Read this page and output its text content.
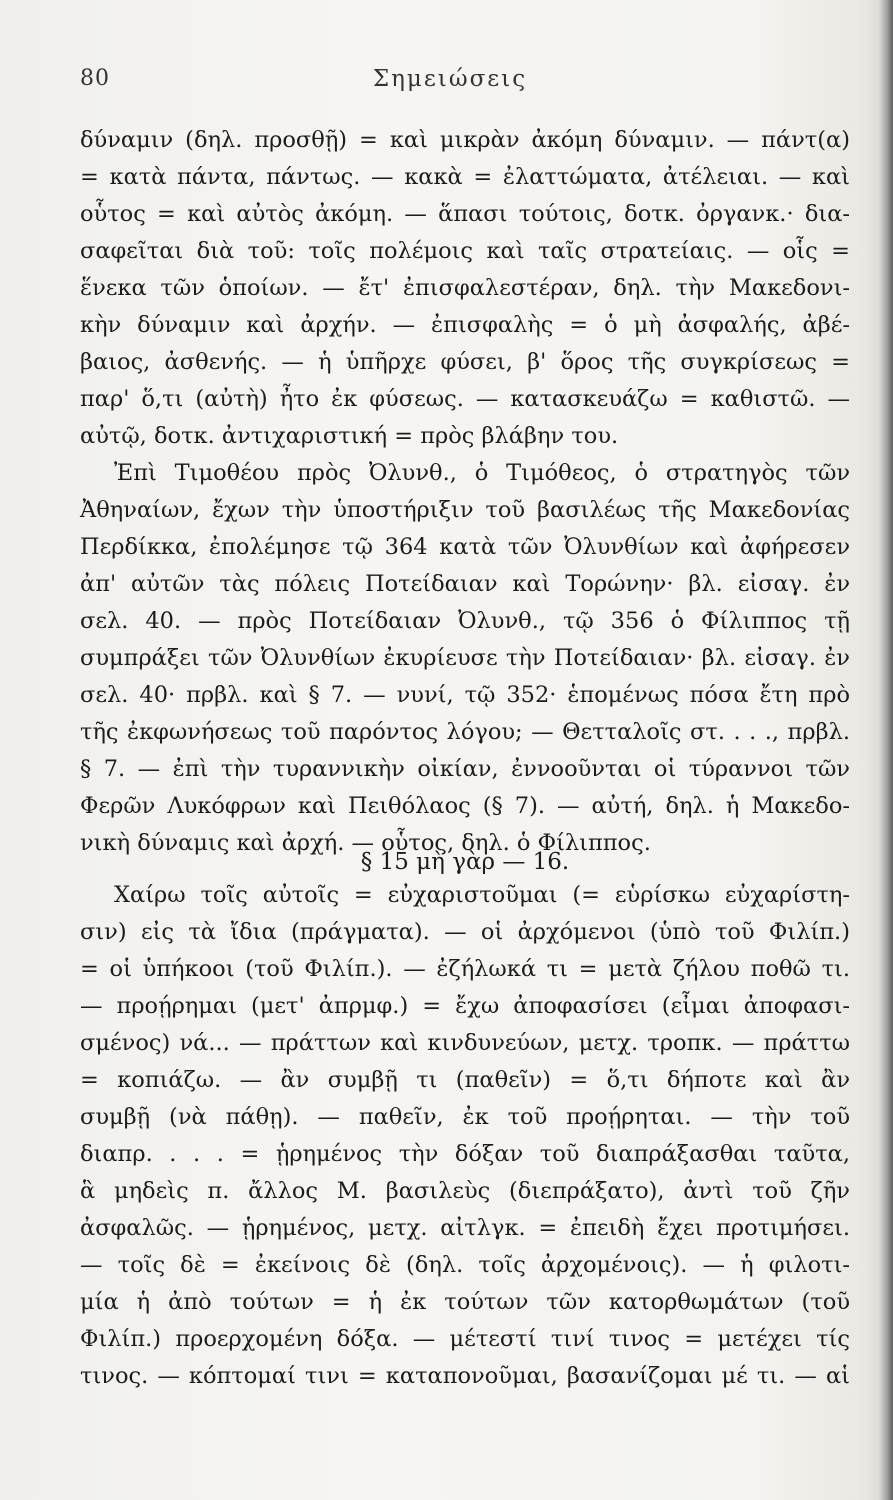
80	Σημειώσεις
δύναμιν (δηλ. προσθῇ) = καὶ μικρὰν ἀκόμη δύναμιν. — πάντ(α)
= κατὰ πάντα, πάντως. — κακὰ = ἐλαττώματα, ἀτέλειαι. — καὶ
οὗτος = καὶ αὐτὸς ἀκόμη. — ἅπασι τούτοις, δοτκ. ὀργανκ.· δια-
σαφεῖται διὰ τοῦ: τοῖς πολέμοις καὶ ταῖς στρατείαις. — οἷς =
ἕνεκα τῶν ὁποίων. — ἔτ' ἐπισφαλεστέραν, δηλ. τὴν Μακεδονι-
κὴν δύναμιν καὶ ἀρχήν. — ἐπισφαλὴς = ὁ μὴ ἀσφαλής, ἀβέ-
βαιος, ἀσθενής. — ἡ ὑπῆρχε φύσει, β' ὅρος τῆς συγκρίσεως =
παρ' ὅ,τι (αὐτὴ) ἦτο ἐκ φύσεως. — κατασκευάζω = καθιστῶ. —
αὐτῷ, δοτκ. ἀντιχαριστική = πρὸς βλάβην του.
Ἐπὶ Τιμοθέου πρὸς Ὀλυνθ., ὁ Τιμόθεος, ὁ στρατηγὸς τῶν
Ἀθηναίων, ἔχων τὴν ὑποστήριξιν τοῦ βασιλέως τῆς Μακεδονίας
Περδίκκα, ἐπολέμησε τῷ 364 κατὰ τῶν Ὀλυνθίων καὶ ἀφήρεσεν
ἀπ' αὐτῶν τὰς πόλεις Ποτείδαιαν καὶ Τορώνην· βλ. εἰσαγ. ἐν
σελ. 40. — πρὸς Ποτείδαιαν Ὀλυνθ., τῷ 356 ὁ Φίλιππος τῇ
συμπράξει τῶν Ὀλυνθίων ἐκυρίευσε τὴν Ποτείδαιαν· βλ. εἰσαγ. ἐν
σελ. 40· πρβλ. καὶ § 7. — νυνί, τῷ 352· ἑπομένως πόσα ἔτη πρὸ
τῆς ἐκφωνήσεως τοῦ παρόντος λόγου; — Θετταλοῖς στ. . . ., πρβλ.
§ 7. — ἐπὶ τὴν τυραννικὴν οἰκίαν, ἐννοοῦνται οἱ τύραννοι τῶν
Φερῶν Λυκόφρων καὶ Πειθόλαος (§ 7). — αὐτή, δηλ. ἡ Μακεδο-
νικὴ δύναμις καὶ ἀρχή. — οὗτος, δηλ. ὁ Φίλιππος.
§ 15 μὴ γὰρ — 16.
Χαίρω τοῖς αὐτοῖς = εὐχαριστοῦμαι (= εὑρίσκω εὐχαρίστη-
σιν) εἰς τὰ ἴδια (πράγματα). — οἱ ἀρχόμενοι (ὑπὸ τοῦ Φιλίπ.)
= οἱ ὑπήκοοι (τοῦ Φιλίπ.). — ἐζήλωκά τι = μετὰ ζήλου ποθῶ τι.
— προῄρημαι (μετ' ἀπρμφ.) = ἔχω ἀποφασίσει (εἶμαι ἀποφασι-
σμένος) νά... — πράττων καὶ κινδυνεύων, μετχ. τροπκ. — πράττω
= κοπιάζω. — ἂν συμβῇ τι (παθεῖν) = ὅ,τι δήποτε καὶ ἂν
συμβῇ (νὰ πάθῃ). — παθεῖν, ἐκ τοῦ προῄρηται. — τὴν τοῦ
διαπρ. . . . = ᾑρημένος τὴν δόξαν τοῦ διαπράξασθαι ταῦτα,
ἃ μηδεὶς π. ἄλλος Μ. βασιλεὺς (διεπράξατο), ἀντὶ τοῦ ζῆν
ἀσφαλῶς. — ᾑρημένος, μετχ. αἰτλγκ. = ἐπειδὴ ἔχει προτιμήσει.
— τοῖς δὲ = ἐκείνοις δὲ (δηλ. τοῖς ἀρχομένοις). — ἡ φιλοτι-
μία ἡ ἀπὸ τούτων = ἡ ἐκ τούτων τῶν κατορθωμάτων (τοῦ
Φιλίπ.) προερχομένη δόξα. — μέτεστί τινί τινος = μετέχει τίς
τινος. — κόπτομαί τινι = καταπονοῦμαι, βασανίζομαι μέ τι. — αἱ
